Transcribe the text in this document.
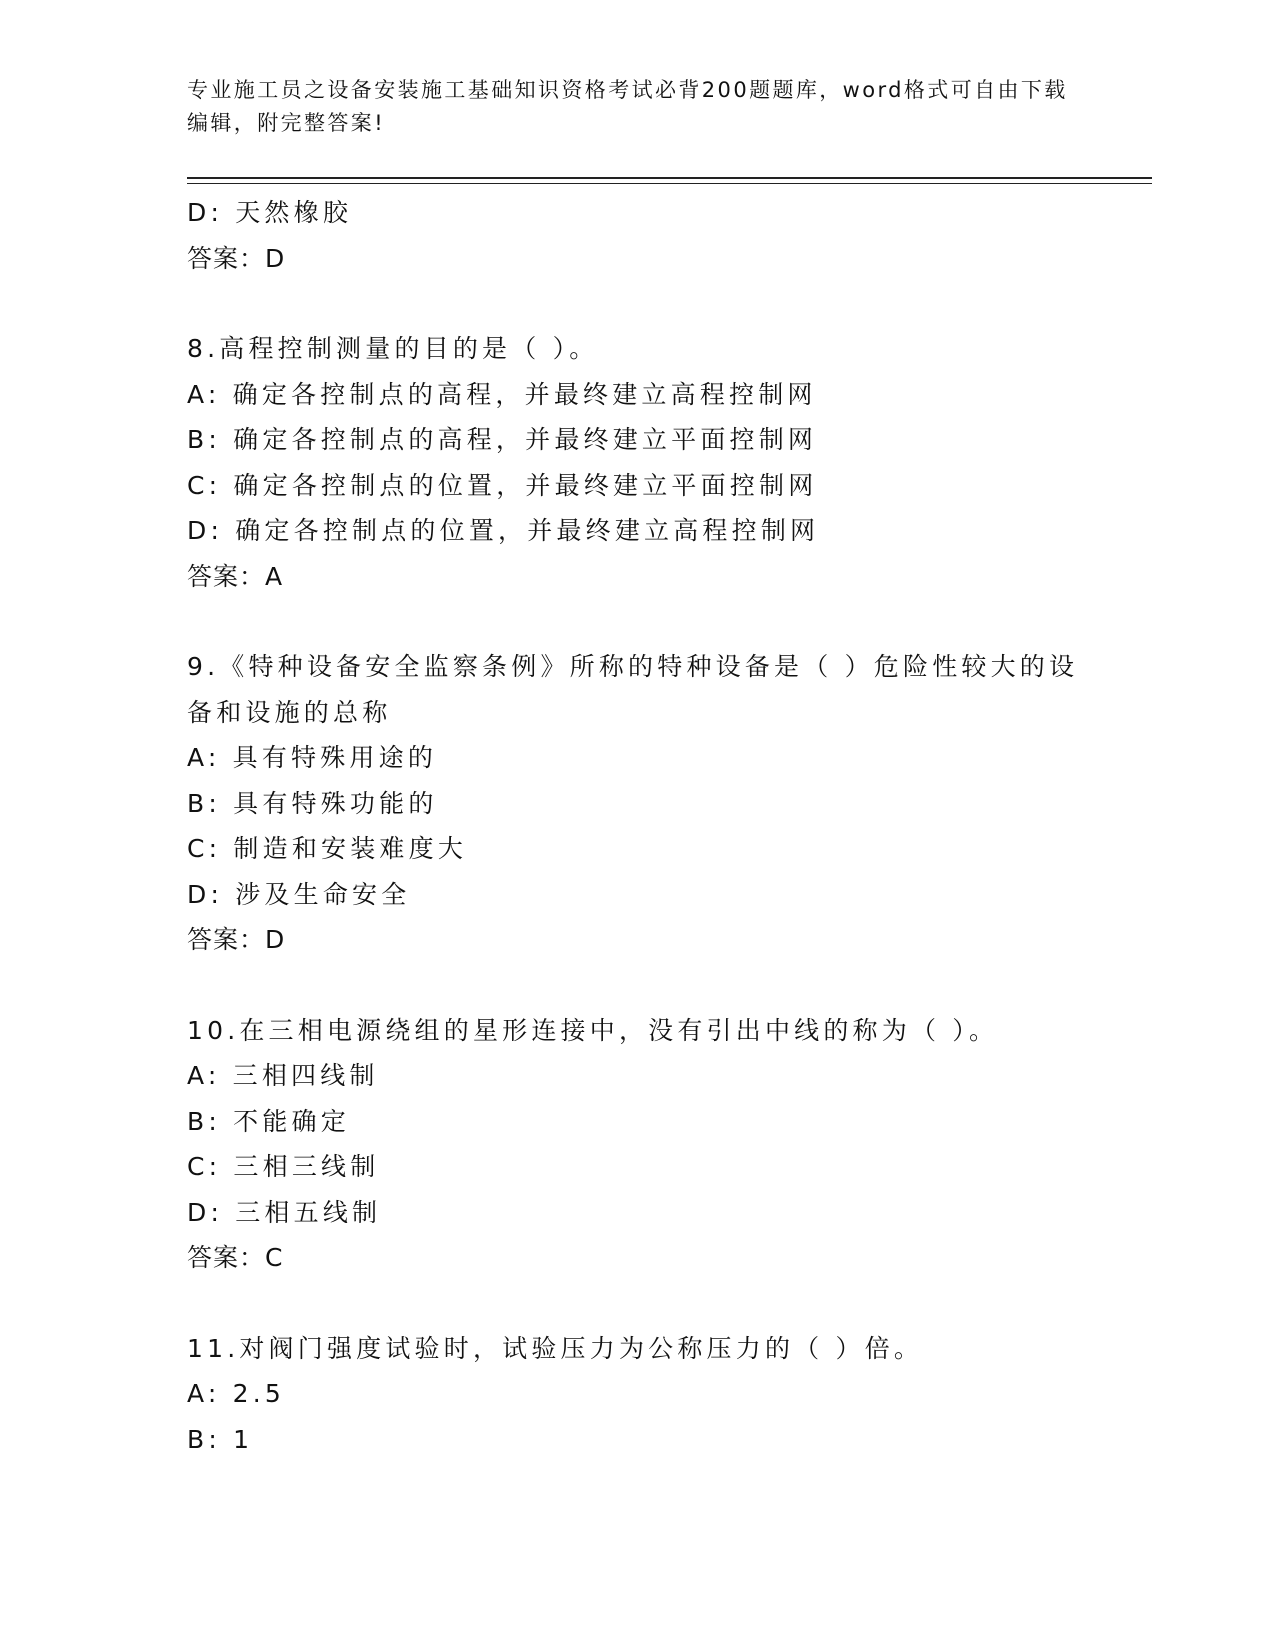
专业施工员之设备安装施工基础知识资格考试必背200题题库，word格式可自由下载编辑，附完整答案!
D: 天然橡胶
答案：D
8.高程控制测量的目的是（ ）。
A: 确定各控制点的高程，并最终建立高程控制网
B: 确定各控制点的高程，并最终建立平面控制网
C: 确定各控制点的位置，并最终建立平面控制网
D: 确定各控制点的位置，并最终建立高程控制网
答案：A
9.《特种设备安全监察条例》所称的特种设备是（ ）危险性较大的设备和设施的总称
A: 具有特殊用途的
B: 具有特殊功能的
C: 制造和安装难度大
D: 涉及生命安全
答案：D
10.在三相电源绕组的星形连接中，没有引出中线的称为（ ）。
A: 三相四线制
B: 不能确定
C: 三相三线制
D: 三相五线制
答案：C
11.对阀门强度试验时，试验压力为公称压力的（ ）倍。
A: 2.5
B: 1
